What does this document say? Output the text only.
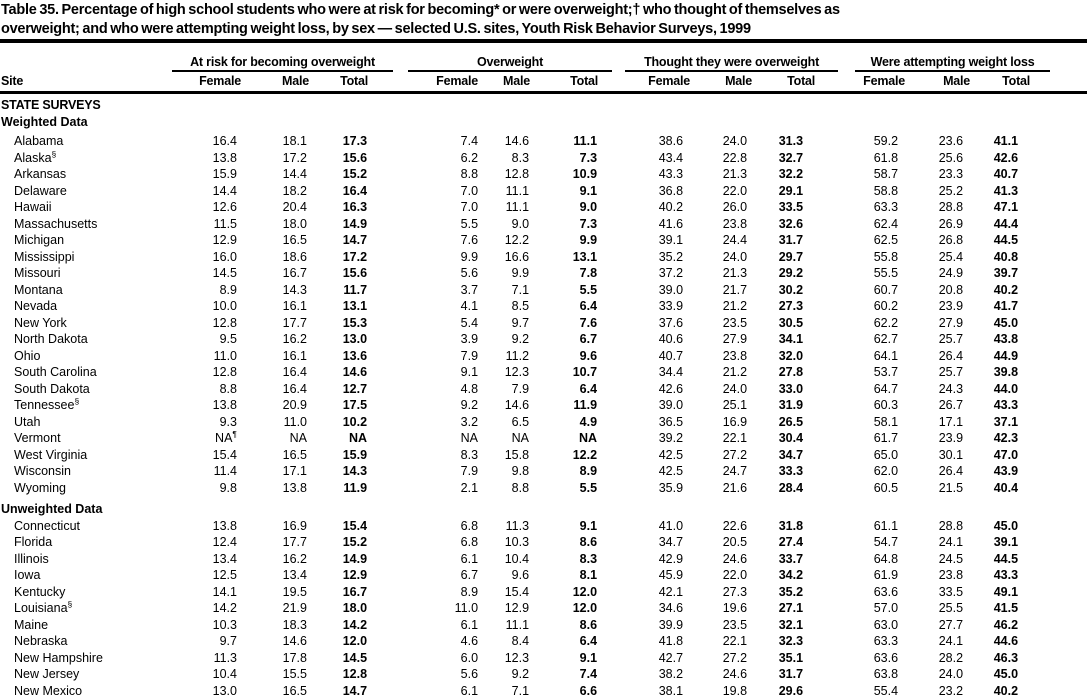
Table 35. Percentage of high school students who were at risk for becoming* or were overweight;† who thought of themselves as
overweight; and who were attempting weight loss, by sex — selected U.S. sites, Youth Risk Behavior Surveys, 1999
	At risk for becoming overweight				Overweight				Thought they were overweight				Were attempting weight loss			
Site	Female	Male	Total		Female	Male	Total		Female	Male	Total		Female	Male	Total	
STATE SURVEYS																
Weighted Data																
Alabama	16.4	18.1	17.3		7.4	14.6	11.1		38.6	24.0	31.3		59.2	23.6	41.1	
Alaska§	13.8	17.2	15.6		6.2	8.3	7.3		43.4	22.8	32.7		61.8	25.6	42.6	
Arkansas	15.9	14.4	15.2		8.8	12.8	10.9		43.3	21.3	32.2		58.7	23.3	40.7	
Delaware	14.4	18.2	16.4		7.0	11.1	9.1		36.8	22.0	29.1		58.8	25.2	41.3	
Hawaii	12.6	20.4	16.3		7.0	11.1	9.0		40.2	26.0	33.5		63.3	28.8	47.1	
Massachusetts	11.5	18.0	14.9		5.5	9.0	7.3		41.6	23.8	32.6		62.4	26.9	44.4	
Michigan	12.9	16.5	14.7		7.6	12.2	9.9		39.1	24.4	31.7		62.5	26.8	44.5	
Mississippi	16.0	18.6	17.2		9.9	16.6	13.1		35.2	24.0	29.7		55.8	25.4	40.8	
Missouri	14.5	16.7	15.6		5.6	9.9	7.8		37.2	21.3	29.2		55.5	24.9	39.7	
Montana	8.9	14.3	11.7		3.7	7.1	5.5		39.0	21.7	30.2		60.7	20.8	40.2	
Nevada	10.0	16.1	13.1		4.1	8.5	6.4		33.9	21.2	27.3		60.2	23.9	41.7	
New York	12.8	17.7	15.3		5.4	9.7	7.6		37.6	23.5	30.5		62.2	27.9	45.0	
North Dakota	9.5	16.2	13.0		3.9	9.2	6.7		40.6	27.9	34.1		62.7	25.7	43.8	
Ohio	11.0	16.1	13.6		7.9	11.2	9.6		40.7	23.8	32.0		64.1	26.4	44.9	
South Carolina	12.8	16.4	14.6		9.1	12.3	10.7		34.4	21.2	27.8		53.7	25.7	39.8	
South Dakota	8.8	16.4	12.7		4.8	7.9	6.4		42.6	24.0	33.0		64.7	24.3	44.0	
Tennessee§	13.8	20.9	17.5		9.2	14.6	11.9		39.0	25.1	31.9		60.3	26.7	43.3	
Utah	9.3	11.0	10.2		3.2	6.5	4.9		36.5	16.9	26.5		58.1	17.1	37.1	
Vermont	NA¶	NA	NA		NA	NA	NA		39.2	22.1	30.4		61.7	23.9	42.3	
West Virginia	15.4	16.5	15.9		8.3	15.8	12.2		42.5	27.2	34.7		65.0	30.1	47.0	
Wisconsin	11.4	17.1	14.3		7.9	9.8	8.9		42.5	24.7	33.3		62.0	26.4	43.9	
Wyoming	9.8	13.8	11.9		2.1	8.8	5.5		35.9	21.6	28.4		60.5	21.5	40.4	
Unweighted Data																
Connecticut	13.8	16.9	15.4		6.8	11.3	9.1		41.0	22.6	31.8		61.1	28.8	45.0	
Florida	12.4	17.7	15.2		6.8	10.3	8.6		34.7	20.5	27.4		54.7	24.1	39.1	
Illinois	13.4	16.2	14.9		6.1	10.4	8.3		42.9	24.6	33.7		64.8	24.5	44.5	
Iowa	12.5	13.4	12.9		6.7	9.6	8.1		45.9	22.0	34.2		61.9	23.8	43.3	
Kentucky	14.1	19.5	16.7		8.9	15.4	12.0		42.1	27.3	35.2		63.6	33.5	49.1	
Louisiana§	14.2	21.9	18.0		11.0	12.9	12.0		34.6	19.6	27.1		57.0	25.5	41.5	
Maine	10.3	18.3	14.2		6.1	11.1	8.6		39.9	23.5	32.1		63.0	27.7	46.2	
Nebraska	9.7	14.6	12.0		4.6	8.4	6.4		41.8	22.1	32.3		63.3	24.1	44.6	
New Hampshire	11.3	17.8	14.5		6.0	12.3	9.1		42.7	27.2	35.1		63.6	28.2	46.3	
New Jersey	10.4	15.5	12.8		5.6	9.2	7.4		38.2	24.6	31.7		63.8	24.0	45.0	
New Mexico	13.0	16.5	14.7		6.1	7.1	6.6		38.1	19.8	29.6		55.4	23.2	40.2	
